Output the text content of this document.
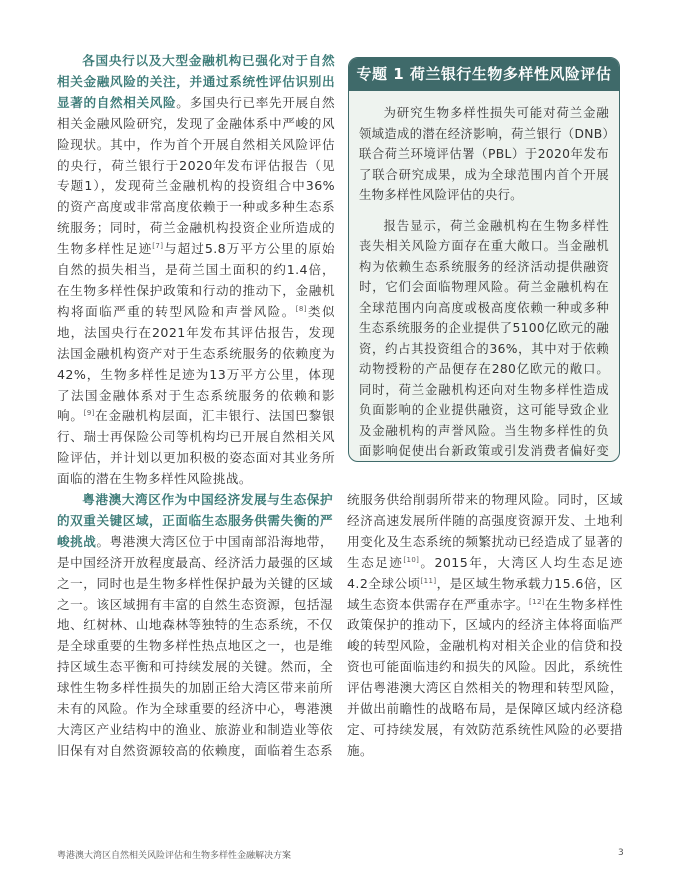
各国央行以及大型金融机构已强化对于自然相关金融风险的关注，并通过系统性评估识别出显著的自然相关风险。多国央行已率先开展自然相关金融风险研究，发现了金融体系中严峻的风险现状。其中，作为首个开展自然相关风险评估的央行，荷兰银行于2020年发布评估报告（见专题1），发现荷兰金融机构的投资组合中36%的资产高度或非常高度依赖于一种或多种生态系统服务；同时，荷兰金融机构投资企业所造成的生物多样性足迹[7]与超过5.8万平方公里的原始自然的损失相当，是荷兰国土面积的约1.4倍，在生物多样性保护政策和行动的推动下，金融机构将面临严重的转型风险和声誉风险。[8]类似地，法国央行在2021年发布其评估报告，发现法国金融机构资产对于生态系统服务的依赖度为42%，生物多样性足迹为13万平方公里，体现了法国金融体系对于生态系统服务的依赖和影响。[9]在金融机构层面，汇丰银行、法国巴黎银行、瑞士再保险公司等机构均已开展自然相关风险评估，并计划以更加积极的姿态面对其业务所面临的潜在生物多样性风险挑战。

专题 1 荷兰银行生物多样性风险评估

为研究生物多样性损失可能对荷兰金融领域造成的潜在经济影响，荷兰银行（DNB）联合荷兰环境评估署（PBL）于2020年发布了联合研究成果，成为全球范围内首个开展生物多样性风险评估的央行。

报告显示，荷兰金融机构在生物多样性丧失相关风险方面存在重大敞口。当金融机构为依赖生态系统服务的经济活动提供融资时，它们会面临物理风险。荷兰金融机构在全球范围内向高度或极高度依赖一种或多种生态系统服务的企业提供了5100亿欧元的融资，约占其投资组合的36%，其中对于依赖动物授粉的产品便存在280亿欧元的敞口。同时，荷兰金融机构还向对生物多样性造成负面影响的企业提供融资，这可能导致企业及金融机构的声誉风险。当生物多样性的负面影响促使出台新政策或引发消费者偏好变

粤港澳大湾区作为中国经济发展与生态保护的双重关键区域，正面临生态服务供需失衡的严峻挑战。粤港澳大湾区位于中国南部沿海地带，是中国经济开放程度最高、经济活力最强的区域之一，同时也是生物多样性保护最为关键的区域之一。该区域拥有丰富的自然生态资源，包括湿地、红树林、山地森林等独特的生态系统，不仅是全球重要的生物多样性热点地区之一，也是维持区域生态平衡和可持续发展的关键。然而，全球性生物多样性损失的加剧正给大湾区带来前所未有的风险。作为全球重要的经济中心，粤港澳大湾区产业结构中的渔业、旅游业和制造业等依旧保有对自然资源较高的依赖度，面临着生态系统服务供给削弱所带来的物理风险。同时，区域经济高速发展所伴随的高强度资源开发、土地利用变化及生态系统的频繁扰动已经造成了显著的生态足迹[10]。2015年，大湾区人均生态足迹4.2全球公顷[11]，是区域生物承载力15.6倍，区域生态资本供需存在严重赤字。[12]在生物多样性政策保护的推动下，区域内的经济主体将面临严峻的转型风险，金融机构对相关企业的信贷和投资也可能面临违约和损失的风险。因此，系统性评估粤港澳大湾区自然相关的物理和转型风险，并做出前瞻性的战略布局，是保障区域内经济稳定、可持续发展，有效防范系统性风险的必要措施。

粤港澳大湾区自然相关风险评估和生物多样性金融解决方案	3
